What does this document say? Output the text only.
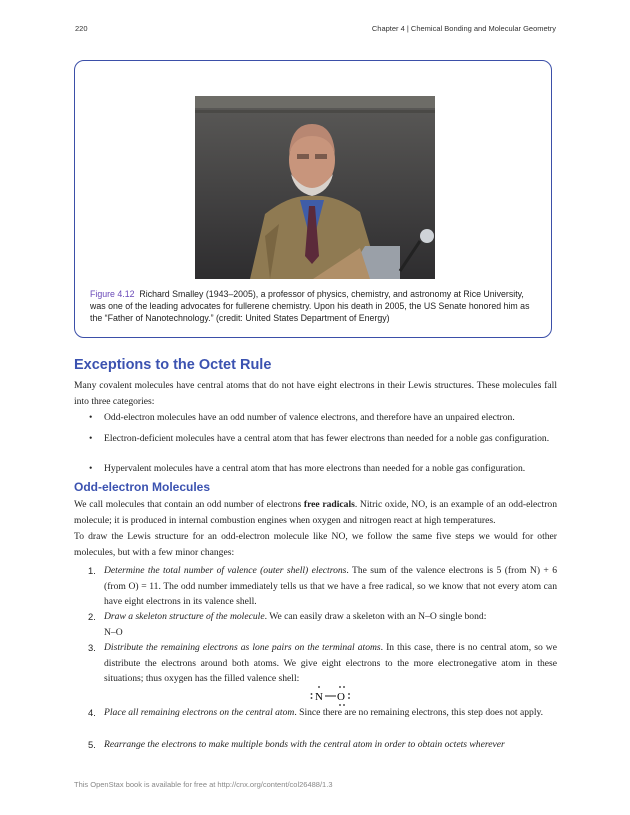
220	Chapter 4 | Chemical Bonding and Molecular Geometry
Figure 4.12 Richard Smalley (1943–2005), a professor of physics, chemistry, and astronomy at Rice University, was one of the leading advocates for fullerene chemistry. Upon his death in 2005, the US Senate honored him as the “Father of Nanotechnology.” (credit: United States Department of Energy)
Exceptions to the Octet Rule

Many covalent molecules have central atoms that do not have eight electrons in their Lewis structures. These molecules fall into three categories:

• Odd-electron molecules have an odd number of valence electrons, and therefore have an unpaired electron.
• Electron-deficient molecules have a central atom that has fewer electrons than needed for a noble gas configuration.
• Hypervalent molecules have a central atom that has more electrons than needed for a noble gas configuration.
Odd-electron Molecules

We call molecules that contain an odd number of electrons free radicals. Nitric oxide, NO, is an example of an odd-electron molecule; it is produced in internal combustion engines when oxygen and nitrogen react at high temperatures.

To draw the Lewis structure for an odd-electron molecule like NO, we follow the same five steps we would for other molecules, but with a few minor changes:

1. Determine the total number of valence (outer shell) electrons. The sum of the valence electrons is 5 (from N) + 6 (from O) = 11. The odd number immediately tells us that we have a free radical, so we know that not every atom can have eight electrons in its valence shell.
2. Draw a skeleton structure of the molecule. We can easily draw a skeleton with an N–O single bond:
N–O
3. Distribute the remaining electrons as lone pairs on the terminal atoms. In this case, there is no central atom, so we distribute the electrons around both atoms. We give eight electrons to the more electronegative atom in these situations; thus oxygen has the filled valence shell:
N O
4. Place all remaining electrons on the central atom. Since there are no remaining electrons, this step does not apply.
5. Rearrange the electrons to make multiple bonds with the central atom in order to obtain octets wherever
This OpenStax book is available for free at http://cnx.org/content/col26488/1.3
